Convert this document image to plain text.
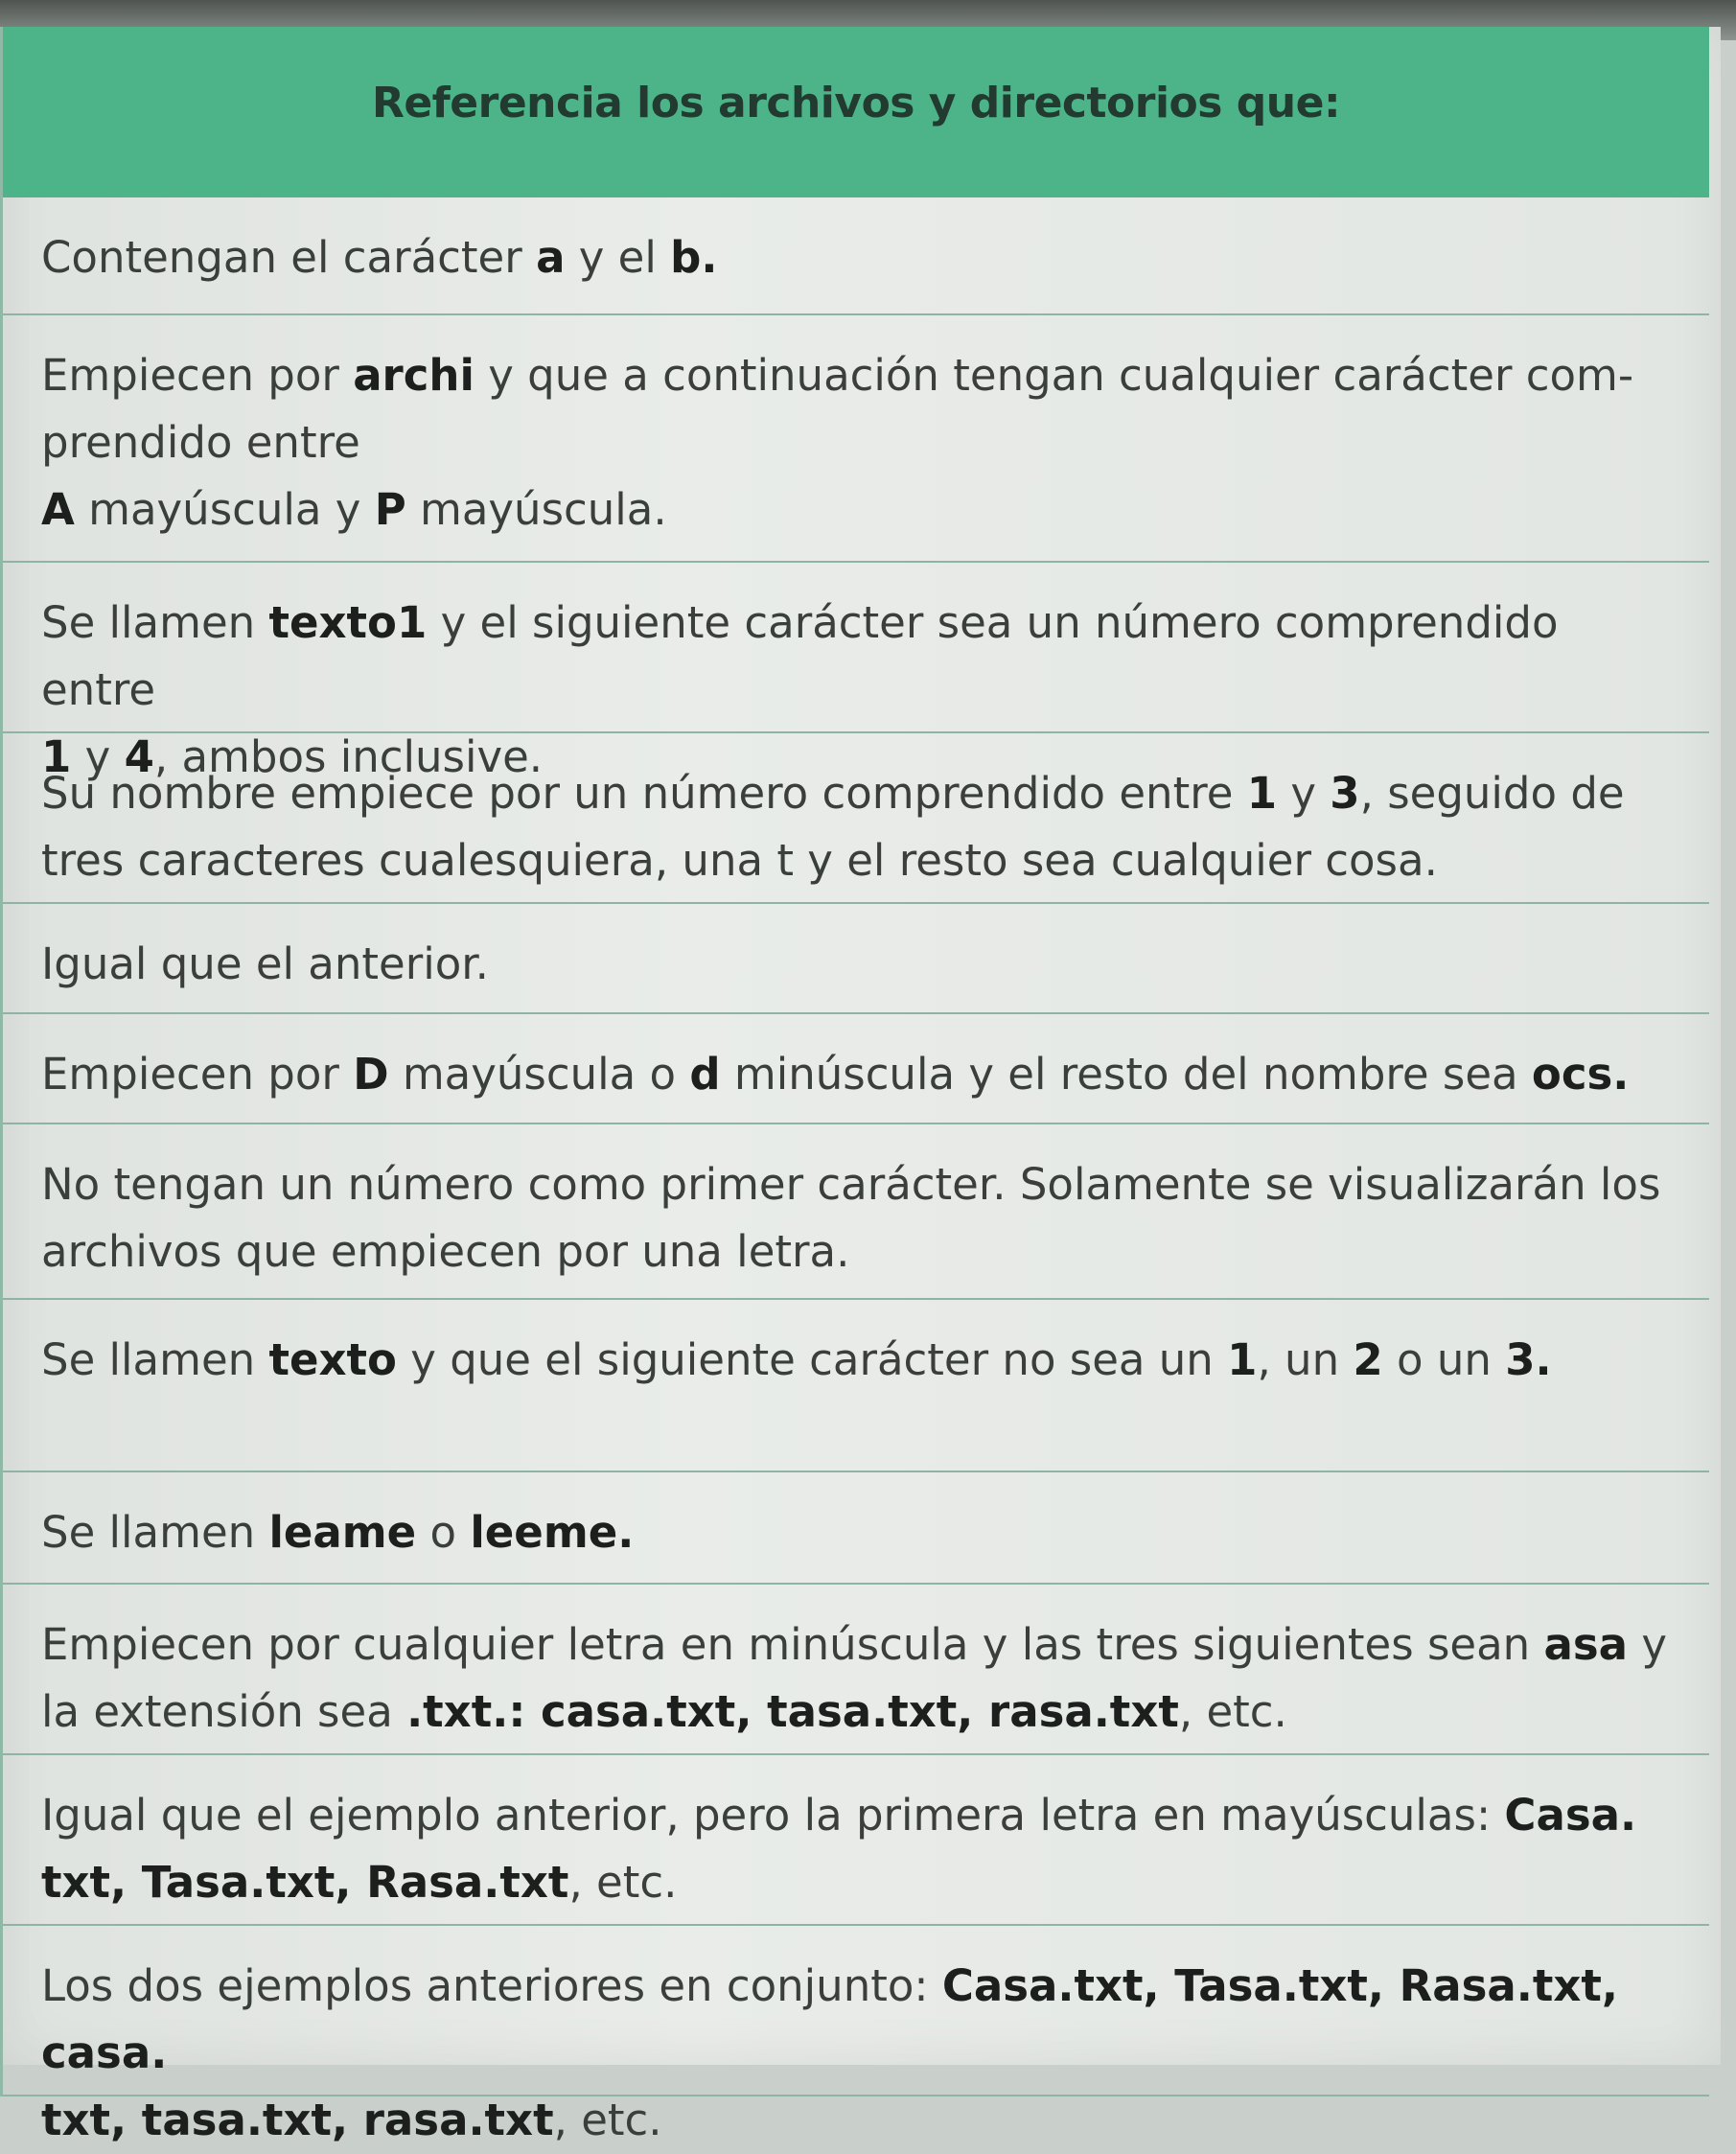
Referencia los archivos y directorios que:
Contengan el carácter a y el b.
Empiecen por archi y que a continuación tengan cualquier carácter com-
prendido entre
A mayúscula y P mayúscula.
Se llamen texto1 y el siguiente carácter sea un número comprendido entre
1 y 4, ambos inclusive.
Su nombre empiece por un número comprendido entre 1 y 3, seguido de
tres caracteres cualesquiera, una t y el resto sea cualquier cosa.
Igual que el anterior.
Empiecen por D mayúscula o d minúscula y el resto del nombre sea ocs.
No tengan un número como primer carácter. Solamente se visualizarán los
archivos que empiecen por una letra.
Se llamen texto y que el siguiente carácter no sea un 1, un 2 o un 3.
Se llamen leame o leeme.
Empiecen por cualquier letra en minúscula y las tres siguientes sean asa y
la extensión sea .txt.: casa.txt, tasa.txt, rasa.txt, etc.
Igual que el ejemplo anterior, pero la primera letra en mayúsculas: Casa.
txt, Tasa.txt, Rasa.txt, etc.
Los dos ejemplos anteriores en conjunto: Casa.txt, Tasa.txt, Rasa.txt, casa.
txt, tasa.txt, rasa.txt, etc.
